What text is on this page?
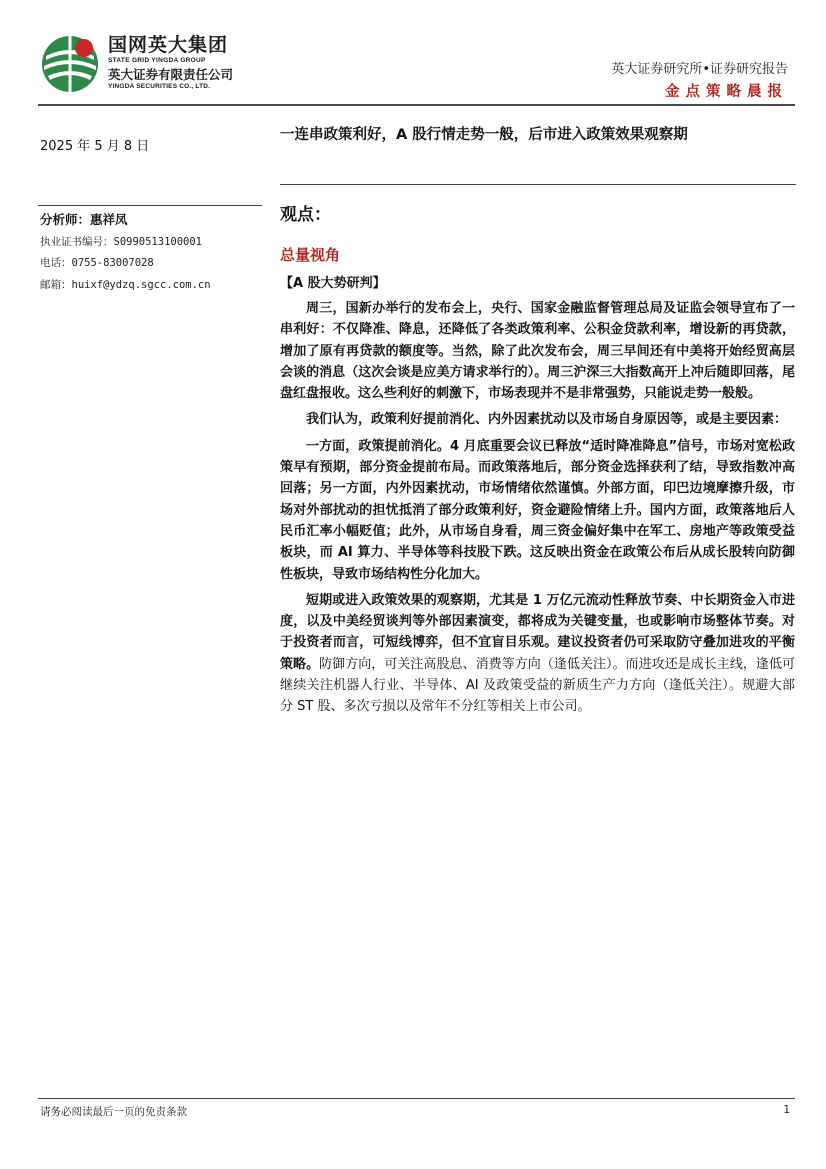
国网英大集团
STATE GRID YINGDA GROUP
英大证券有限责任公司
YINGDA SECURITIES CO., LTD.
英大证券研究所•证券研究报告
金点策略晨报
2025 年 5 月 8 日
分析师：惠祥凤
执业证书编号：S0990513100001
电话：0755-83007028
邮箱：huixf@ydzq.sgcc.com.cn
一连串政策利好，A 股行情走势一般，后市进入政策效果观察期
观点：
总量视角
【A 股大势研判】

周三，国新办举行的发布会上，央行、国家金融监督管理总局及证监会领导宣布了一串利好：不仅降准、降息，还降低了各类政策利率、公积金贷款利率，增设新的再贷款，增加了原有再贷款的额度等。当然，除了此次发布会，周三早间还有中美将开始经贸高层会谈的消息（这次会谈是应美方请求举行的）。周三沪深三大指数高开上冲后随即回落，尾盘红盘报收。这么些利好的刺激下，市场表现并不是非常强势，只能说走势一般般。

我们认为，政策利好提前消化、内外因素扰动以及市场自身原因等，或是主要因素：

一方面，政策提前消化。4 月底重要会议已释放“适时降准降息”信号，市场对宽松政策早有预期，部分资金提前布局。而政策落地后，部分资金选择获利了结，导致指数冲高回落；另一方面，内外因素扰动，市场情绪依然谨慎。外部方面，印巴边境摩擦升级，市场对外部扰动的担忧抵消了部分政策利好，资金避险情绪上升。国内方面，政策落地后人民币汇率小幅贬值；此外，从市场自身看，周三资金偏好集中在军工、房地产等政策受益板块，而 AI 算力、半导体等科技股下跌。这反映出资金在政策公布后从成长股转向防御性板块，导致市场结构性分化加大。

短期或进入政策效果的观察期，尤其是 1 万亿元流动性释放节奏、中长期资金入市进度，以及中美经贸谈判等外部因素演变，都将成为关键变量，也或影响市场整体节奏。对于投资者而言，可短线博弈，但不宜盲目乐观。建议投资者仍可采取防守叠加进攻的平衡策略。防御方向，可关注高股息、消费等方向（逢低关注）。而进攻还是成长主线，逢低可继续关注机器人行业、半导体、AI 及政策受益的新质生产力方向（逢低关注）。规避大部分 ST 股、多次亏损以及常年不分红等相关上市公司。

请务必阅读最后一页的免责条款	1
